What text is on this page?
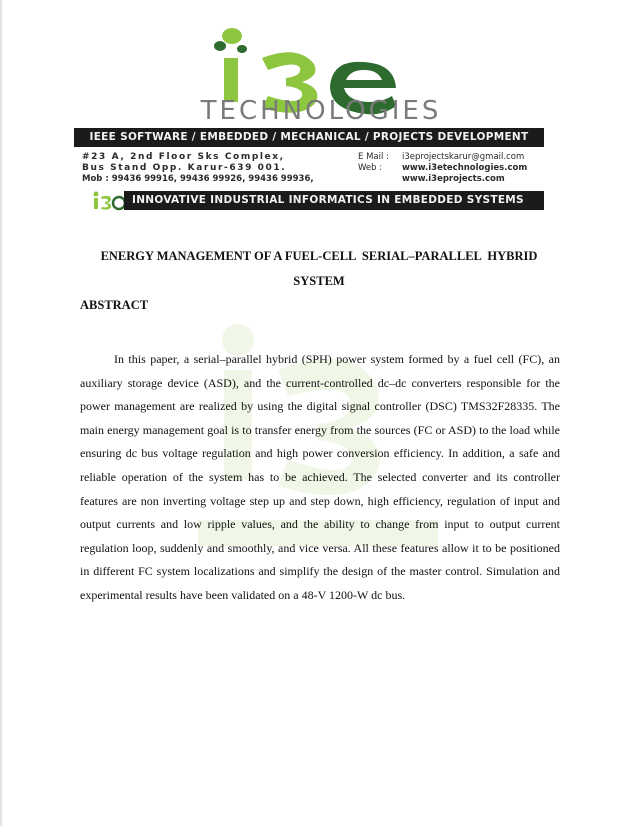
TECHNOLOGIES
IEEE SOFTWARE / EMBEDDED / MECHANICAL / PROJECTS DEVELOPMENT
#23 A, 2nd Floor Sks Complex,
Bus Stand Opp. Karur-639 001.
Mob : 99436 99916, 99436 99926, 99436 99936,
E Mail : i3eprojectskarur@gmail.com
Web : www.i3etechnologies.com
www.i3eprojects.com
INNOVATIVE INDUSTRIAL INFORMATICS IN EMBEDDED SYSTEMS
ENERGY MANAGEMENT OF A FUEL-CELL  SERIAL–PARALLEL  HYBRID
SYSTEM
ABSTRACT

In this paper, a serial–parallel hybrid (SPH) power system formed by a fuel cell (FC), an auxiliary storage device (ASD), and the current-controlled dc–dc converters responsible for the power management are realized by using the digital signal controller (DSC) TMS32F28335. The main energy management goal is to transfer energy from the sources (FC or ASD) to the load while ensuring dc bus voltage regulation and high power conversion efficiency. In addition, a safe and reliable operation of the system has to be achieved. The selected converter and its controller features are non inverting voltage step up and step down, high efficiency, regulation of input and output currents and low ripple values, and the ability to change from input to output current regulation loop, suddenly and smoothly, and vice versa. All these features allow it to be positioned in different FC system localizations and simplify the design of the master control. Simulation and experimental results have been validated on a 48-V 1200-W dc bus.
